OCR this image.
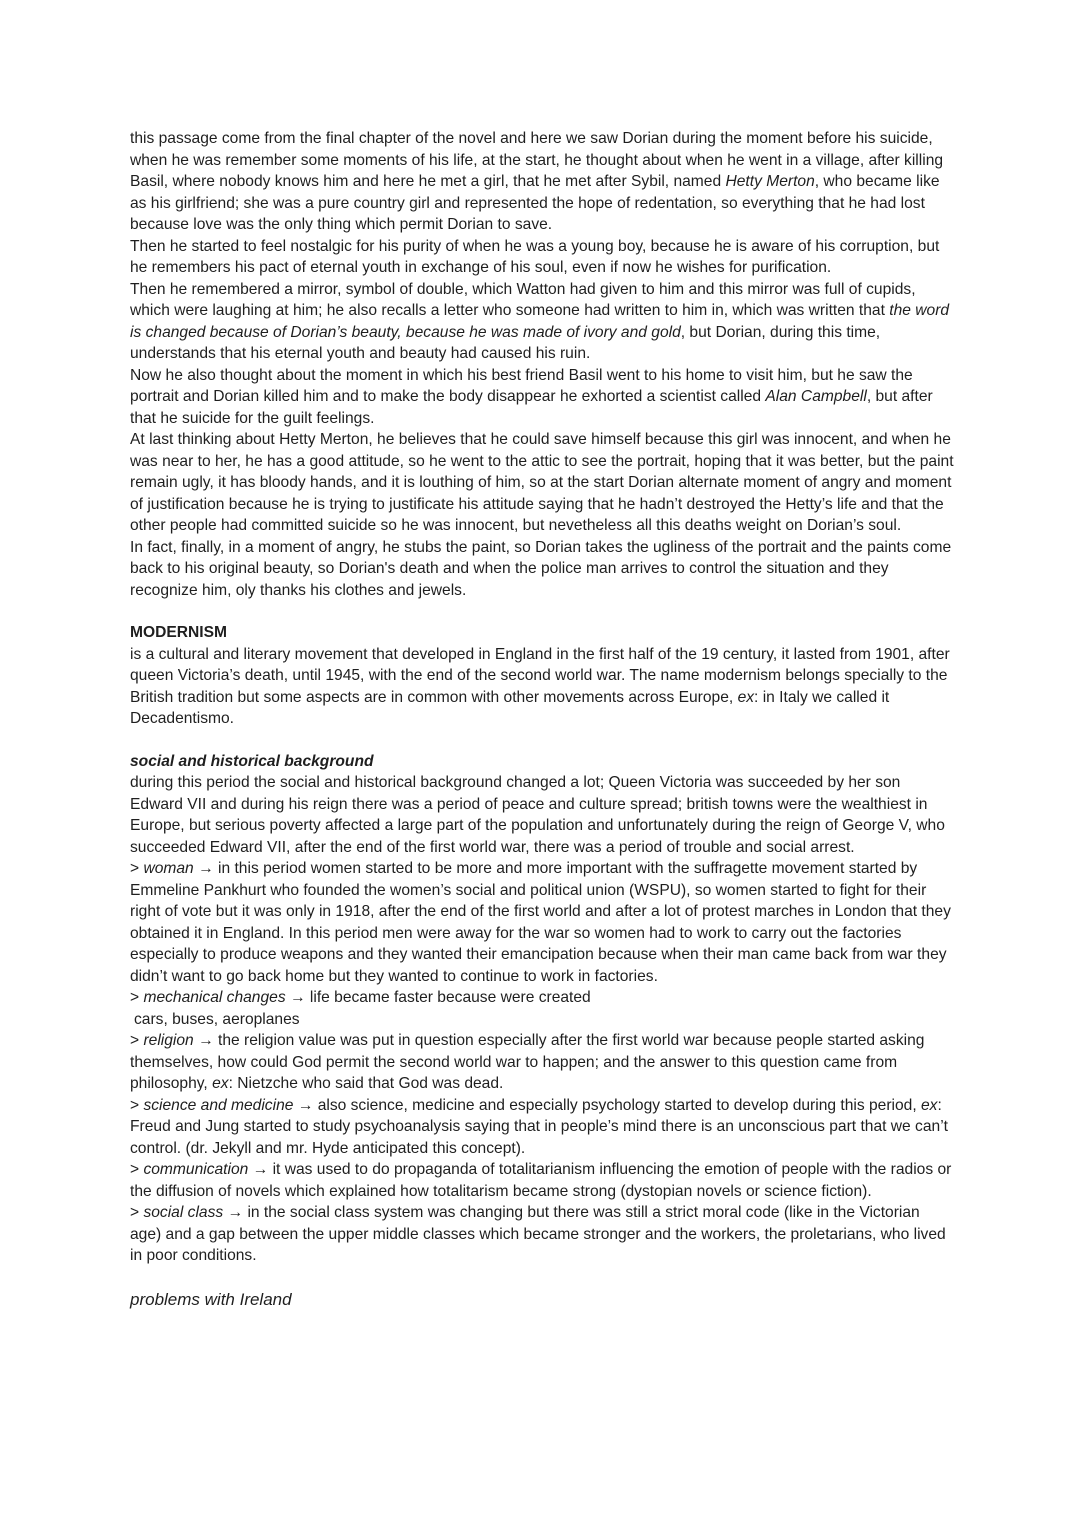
this passage come from the final chapter of the novel and here we saw Dorian during the moment before his suicide, when he was remember some moments of his life, at the start, he thought about when he went in a village, after killing Basil, where nobody knows him and here he met a girl, that he met after Sybil, named Hetty Merton, who became like as his girlfriend; she was a pure country girl and represented the hope of redentation, so everything that he had lost because love was the only thing which permit Dorian to save.

Then he started to feel nostalgic for his purity of when he was a young boy, because he is aware of his corruption, but he remembers his pact of eternal youth in exchange of his soul, even if now he wishes for purification.

Then he remembered a mirror, symbol of double, which Watton had given to him and this mirror was full of cupids, which were laughing at him; he also recalls a letter who someone had written to him in, which was written that the word is changed because of Dorian’s beauty, because he was made of ivory and gold, but Dorian, during this time, understands that his eternal youth and beauty had caused his ruin.

Now he also thought about the moment in which his best friend Basil went to his home to visit him, but he saw the portrait and Dorian killed him and to make the body disappear he exhorted a scientist called Alan Campbell, but after that he suicide for the guilt feelings.

At last thinking about Hetty Merton, he believes that he could save himself because this girl was innocent, and when he was near to her, he has a good attitude, so he went to the attic to see the portrait, hoping that it was better, but the paint remain ugly, it has bloody hands, and it is louthing of him, so at the start Dorian alternate moment of angry and moment of justification because he is trying to justificate his attitude saying that he hadn’t destroyed the Hetty’s life and that the other people had committed suicide so he was innocent, but nevetheless all this deaths weight on Dorian’s soul.

In fact, finally, in a moment of angry, he stubs the paint, so Dorian takes the ugliness of the portrait and the paints come back to his original beauty, so Dorian's death and when the police man arrives to control the situation and they recognize him, oly thanks his clothes and jewels.

MODERNISM

is a cultural and literary movement that developed in England in the first half of the 19 century, it lasted from 1901, after queen Victoria’s death, until 1945, with the end of the second world war. The name modernism belongs specially to the British tradition but some aspects are in common with other movements across Europe, ex: in Italy we called it Decadentismo.

social and historical background

during this period the social and historical background changed a lot; Queen Victoria was succeeded by her son Edward VII and during his reign there was a period of peace and culture spread; british towns were the wealthiest in Europe, but serious poverty affected a large part of the population and unfortunately during the reign of George V, who succeeded Edward VII, after the end of the first world war, there was a period of trouble and social arrest.

> woman → in this period women started to be more and more important with the suffragette movement started by Emmeline Pankhurt who founded the women’s social and political union (WSPU), so women started to fight for their right of vote but it was only in 1918, after the end of the first world and after a lot of protest marches in London that they obtained it in England. In this period men were away for the war so women had to work to carry out the factories especially to produce weapons and they wanted their emancipation because when their man came back from war they didn’t want to go back home but they wanted to continue to work in factories.

> mechanical changes → life became faster because were created

cars, buses, aeroplanes

> religion → the religion value was put in question especially after the first world war because people started asking themselves, how could God permit the second world war to happen; and the answer to this question came from philosophy, ex: Nietzche who said that God was dead.

> science and medicine → also science, medicine and especially psychology started to develop during this period, ex: Freud and Jung started to study psychoanalysis saying that in people’s mind there is an unconscious part that we can’t control. (dr. Jekyll and mr. Hyde anticipated this concept).

> communication → it was used to do propaganda of totalitarianism influencing the emotion of people with the radios or the diffusion of novels which explained how totalitarism became strong (dystopian novels or science fiction).

> social class → in the social class system was changing but there was still a strict moral code (like in the Victorian age) and a gap between the upper middle classes which became stronger and the workers, the proletarians, who lived in poor conditions.

problems with Ireland
